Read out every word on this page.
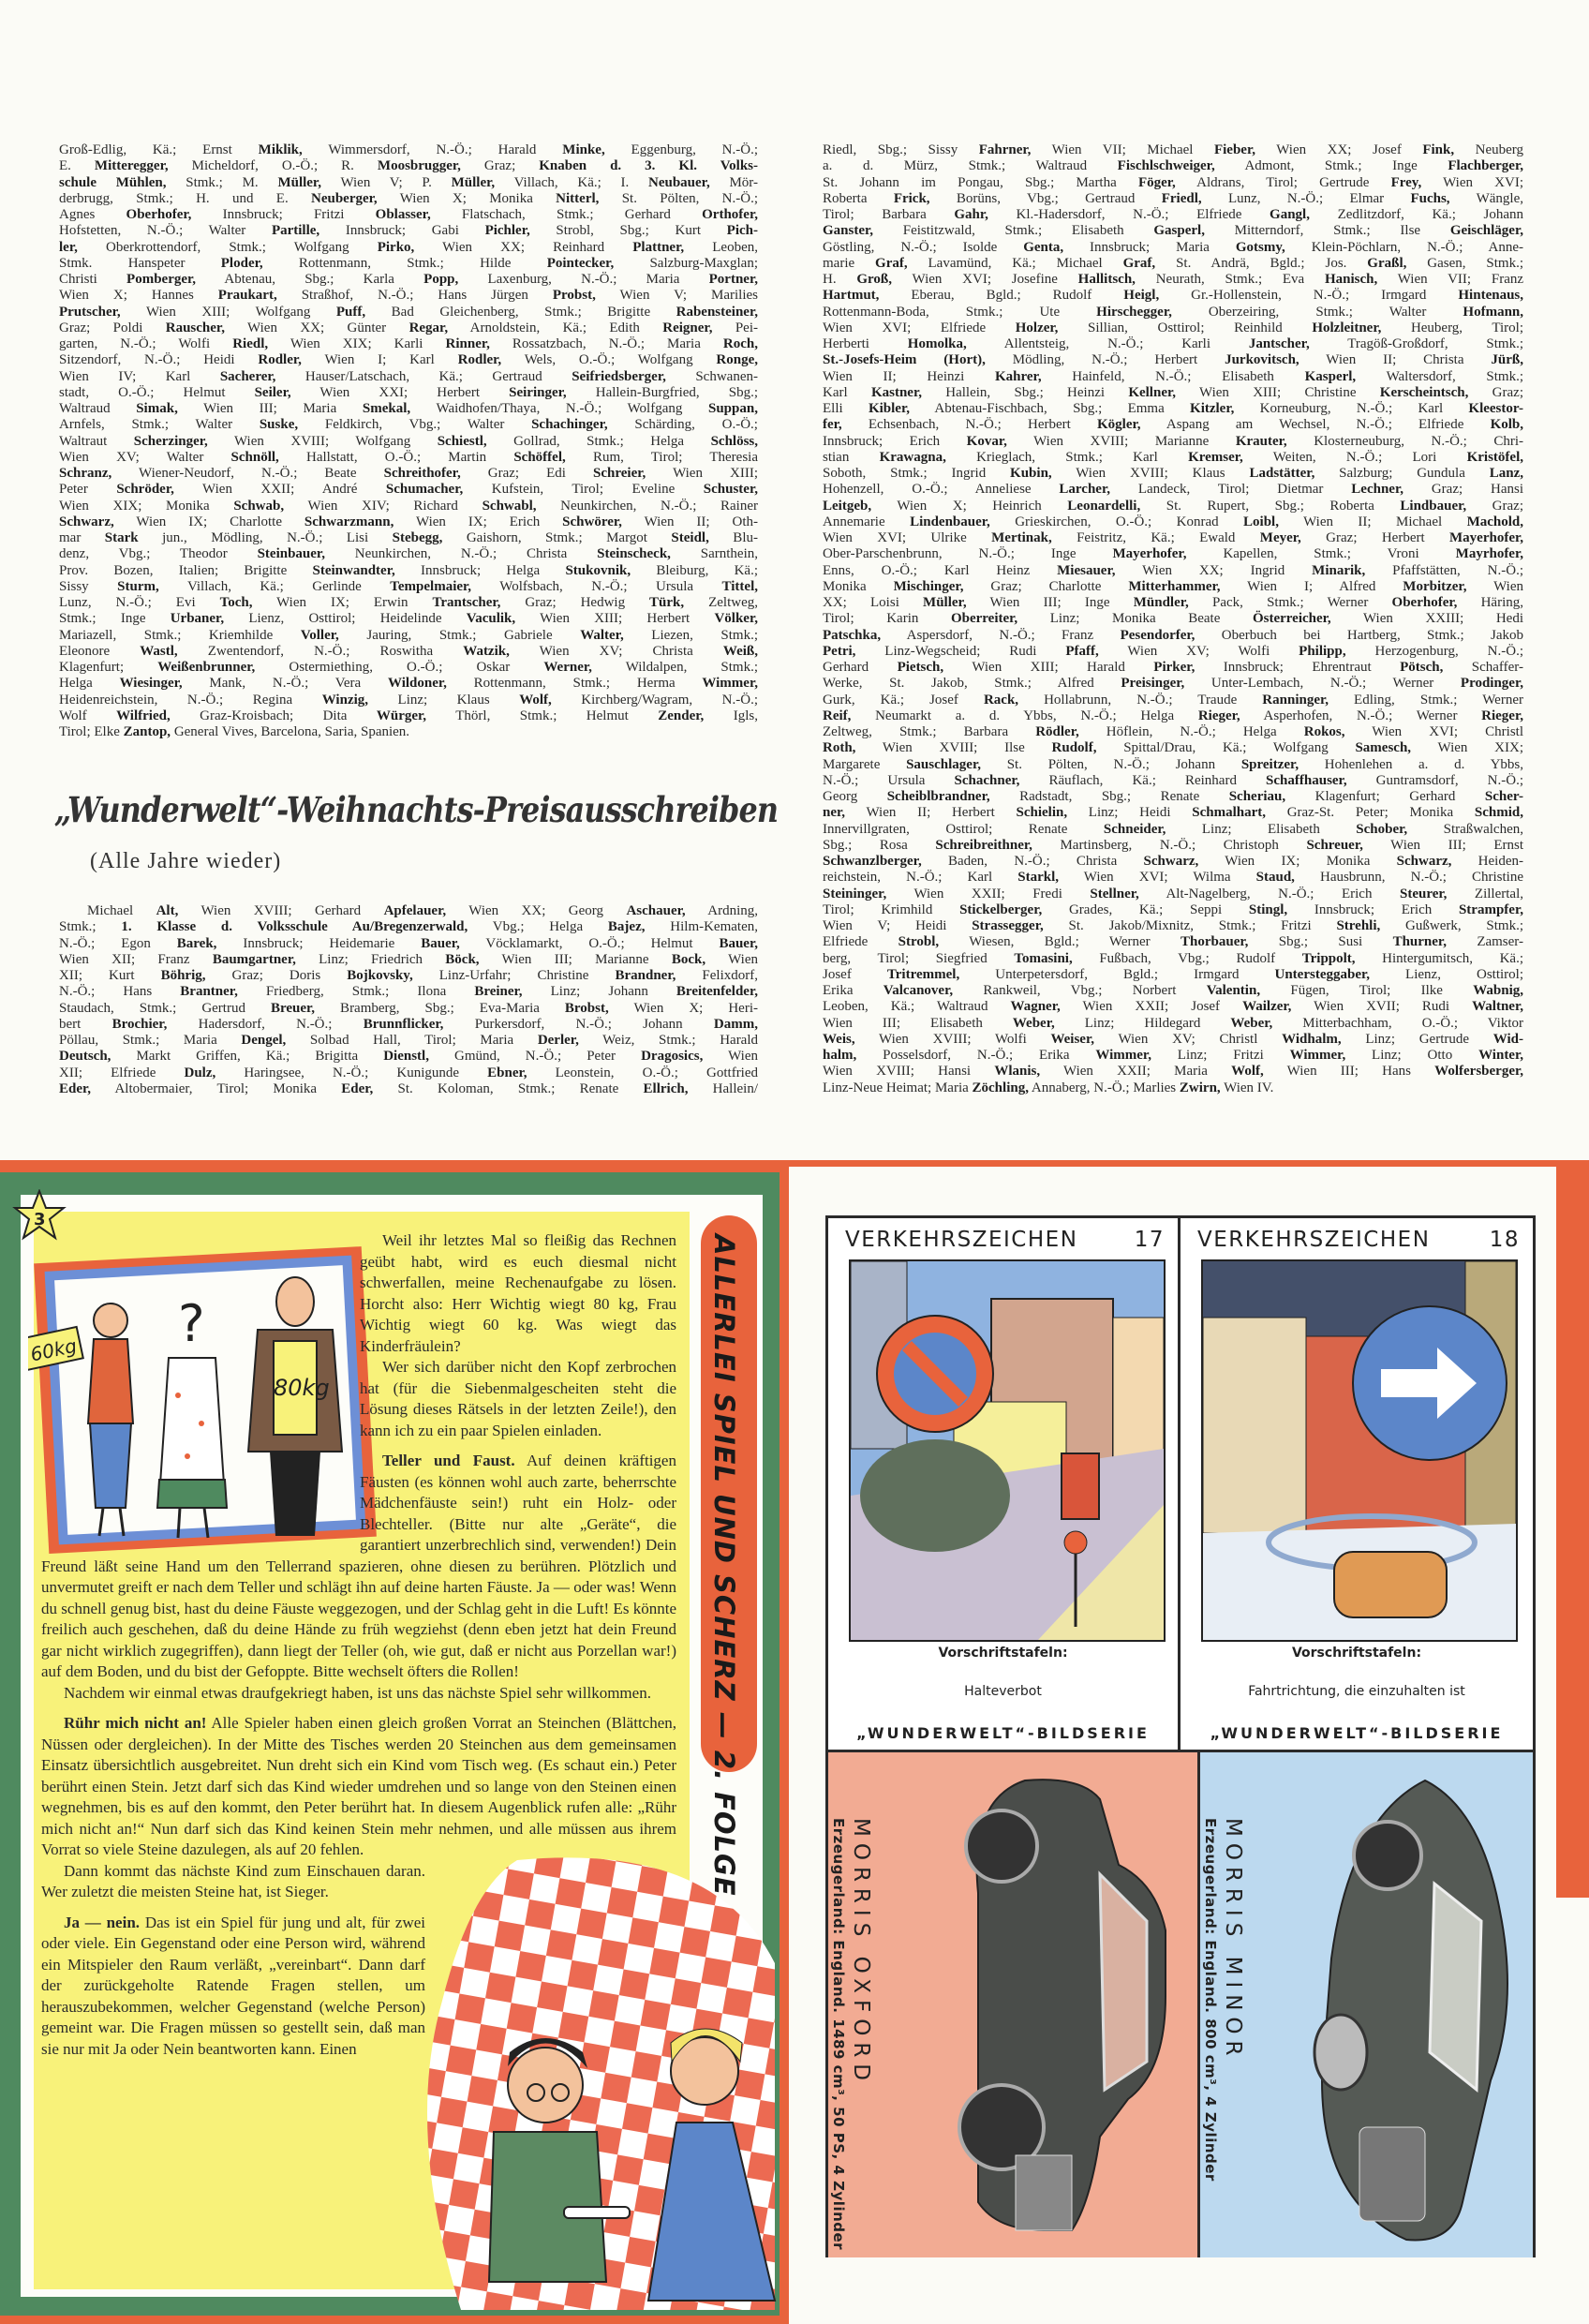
Groß-Edlig, Kä.; Ernst Miklik, Wimmersdorf, N.-Ö.; Harald Minke, Eggenburg, N.-Ö.;
E. Mitteregger, Micheldorf, O.-Ö.; R. Moosbrugger, Graz; Knaben d. 3. Kl. Volks-
schule Mühlen, Stmk.; M. Müller, Wien V; P. Müller, Villach, Kä.; I. Neubauer, Mör-
derbrugg, Stmk.; H. und E. Neuberger, Wien X; Monika Nitterl, St. Pölten, N.-Ö.;
Agnes Oberhofer, Innsbruck; Fritzi Oblasser, Flatschach, Stmk.; Gerhard Orthofer,
Hofstetten, N.-Ö.; Walter Partille, Innsbruck; Gabi Pichler, Strobl, Sbg.; Kurt Pich-
ler, Oberkrottendorf, Stmk.; Wolfgang Pirko, Wien XX; Reinhard Plattner, Leoben,
Stmk. Hanspeter Ploder, Rottenmann, Stmk.; Hilde Pointecker, Salzburg-Maxglan;
Christi Pomberger, Abtenau, Sbg.; Karla Popp, Laxenburg, N.-Ö.; Maria Portner,
Wien X; Hannes Praukart, Straßhof, N.-Ö.; Hans Jürgen Probst, Wien V; Marilies
Prutscher, Wien XIII; Wolfgang Puff, Bad Gleichenberg, Stmk.; Brigitte Rabensteiner,
Graz; Poldi Rauscher, Wien XX; Günter Regar, Arnoldstein, Kä.; Edith Reigner, Pei-
garten, N.-Ö.; Wolfi Riedl, Wien XIX; Karli Rinner, Rossatzbach, N.-Ö.; Maria Roch,
Sitzendorf, N.-Ö.; Heidi Rodler, Wien I; Karl Rodler, Wels, O.-Ö.; Wolfgang Ronge,
Wien IV; Karl Sacherer, Hauser/Latschach, Kä.; Gertraud Seifriedsberger, Schwanen-
stadt, O.-Ö.; Helmut Seiler, Wien XXI; Herbert Seiringer, Hallein-Burgfried, Sbg.;
Waltraud Simak, Wien III; Maria Smekal, Waidhofen/Thaya, N.-Ö.; Wolfgang Suppan,
Arnfels, Stmk.; Walter Suske, Feldkirch, Vbg.; Walter Schachinger, Schärding, O.-Ö.;
Waltraut Scherzinger, Wien XVIII; Wolfgang Schiestl, Gollrad, Stmk.; Helga Schlöss,
Wien XV; Walter Schnöll, Hallstatt, O.-Ö.; Martin Schöffel, Rum, Tirol; Theresia
Schranz, Wiener-Neudorf, N.-Ö.; Beate Schreithofer, Graz; Edi Schreier, Wien XIII;
Peter Schröder, Wien XXII; André Schumacher, Kufstein, Tirol; Eveline Schuster,
Wien XIX; Monika Schwab, Wien XIV; Richard Schwabl, Neunkirchen, N.-Ö.; Rainer
Schwarz, Wien IX; Charlotte Schwarzmann, Wien IX; Erich Schwörer, Wien II; Oth-
mar Stark jun., Mödling, N.-Ö.; Lisi Stebegg, Gaishorn, Stmk.; Margot Steidl, Blu-
denz, Vbg.; Theodor Steinbauer, Neunkirchen, N.-Ö.; Christa Steinscheck, Sarnthein,
Prov. Bozen, Italien; Brigitte Steinwandter, Innsbruck; Helga Stukovnik, Bleiburg, Kä.;
Sissy Sturm, Villach, Kä.; Gerlinde Tempelmaier, Wolfsbach, N.-Ö.; Ursula Tittel,
Lunz, N.-Ö.; Evi Toch, Wien IX; Erwin Trantscher, Graz; Hedwig Türk, Zeltweg,
Stmk.; Inge Urbaner, Lienz, Osttirol; Heidelinde Vaculik, Wien XIII; Herbert Völker,
Mariazell, Stmk.; Kriemhilde Voller, Jauring, Stmk.; Gabriele Walter, Liezen, Stmk.;
Eleonore Wastl, Zwentendorf, N.-Ö.; Roswitha Watzik, Wien XV; Christa Weiß,
Klagenfurt; Weißenbrunner, Ostermiething, O.-Ö.; Oskar Werner, Wildalpen, Stmk.;
Helga Wiesinger, Mank, N.-Ö.; Vera Wildoner, Rottenmann, Stmk.; Herma Wimmer,
Heidenreichstein, N.-Ö.; Regina Winzig, Linz; Klaus Wolf, Kirchberg/Wagram, N.-Ö.;
Wolf Wilfried, Graz-Kroisbach; Dita Würger, Thörl, Stmk.; Helmut Zender, Igls,
Tirol; Elke Zantop, General Vives, Barcelona, Saria, Spanien.
„Wunderwelt“-Weihnachts-Preisausschreiben
(Alle Jahre wieder)
Michael Alt, Wien XVIII; Gerhard Apfelauer, Wien XX; Georg Aschauer, Ardning,
Stmk.; 1. Klasse d. Volksschule Au/Bregenzerwald, Vbg.; Helga Bajez, Hilm-Kematen,
N.-Ö.; Egon Barek, Innsbruck; Heidemarie Bauer, Vöcklamarkt, O.-Ö.; Helmut Bauer,
Wien XII; Franz Baumgartner, Linz; Friedrich Böck, Wien III; Marianne Bock, Wien
XII; Kurt Böhrig, Graz; Doris Bojkovsky, Linz-Urfahr; Christine Brandner, Felixdorf,
N.-Ö.; Hans Brantner, Friedberg, Stmk.; Ilona Breiner, Linz; Johann Breitenfelder,
Staudach, Stmk.; Gertrud Breuer, Bramberg, Sbg.; Eva-Maria Brobst, Wien X; Heri-
bert Brochier, Hadersdorf, N.-Ö.; Brunnflicker, Purkersdorf, N.-Ö.; Johann Damm,
Pöllau, Stmk.; Maria Dengel, Solbad Hall, Tirol; Maria Derler, Weiz, Stmk.; Harald
Deutsch, Markt Griffen, Kä.; Brigitta Dienstl, Gmünd, N.-Ö.; Peter Dragosics, Wien
XII; Elfriede Dulz, Haringsee, N.-Ö.; Kunigunde Ebner, Leonstein, O.-Ö.; Gottfried
Eder, Altobermaier, Tirol; Monika Eder, St. Koloman, Stmk.; Renate Ellrich, Hallein/
Riedl, Sbg.; Sissy Fahrner, Wien VII; Michael Fieber, Wien XX; Josef Fink, Neuberg
a. d. Mürz, Stmk.; Waltraud Fischlschweiger, Admont, Stmk.; Inge Flachberger,
St. Johann im Pongau, Sbg.; Martha Föger, Aldrans, Tirol; Gertrude Frey, Wien XVI;
Roberta Frick, Borüns, Vbg.; Gertraud Friedl, Lunz, N.-Ö.; Elmar Fuchs, Wängle,
Tirol; Barbara Gahr, Kl.-Hadersdorf, N.-Ö.; Elfriede Gangl, Zedlitzdorf, Kä.; Johann
Ganster, Feistitzwald, Stmk.; Elisabeth Gasperl, Mitterndorf, Stmk.; Ilse Geischläger,
Göstling, N.-Ö.; Isolde Genta, Innsbruck; Maria Gotsmy, Klein-Pöchlarn, N.-Ö.; Anne-
marie Graf, Lavamünd, Kä.; Michael Graf, St. Andrä, Bgld.; Jos. Graßl, Gasen, Stmk.;
H. Groß, Wien XVI; Josefine Hallitsch, Neurath, Stmk.; Eva Hanisch, Wien VII; Franz
Hartmut, Eberau, Bgld.; Rudolf Heigl, Gr.-Hollenstein, N.-Ö.; Irmgard Hintenaus,
Rottenmann-Boda, Stmk.; Ute Hirschegger, Oberzeiring, Stmk.; Walter Hofmann,
Wien XVI; Elfriede Holzer, Sillian, Osttirol; Reinhild Holzleitner, Heuberg, Tirol;
Herberti Homolka, Allentsteig, N.-Ö.; Karli Jantscher, Tragöß-Großdorf, Stmk.;
St.-Josefs-Heim (Hort), Mödling, N.-Ö.; Herbert Jurkovitsch, Wien II; Christa Jürß,
Wien II; Heinzi Kahrer, Hainfeld, N.-Ö.; Elisabeth Kasperl, Waltersdorf, Stmk.;
Karl Kastner, Hallein, Sbg.; Heinzi Kellner, Wien XIII; Christine Kerscheintsch, Graz;
Elli Kibler, Abtenau-Fischbach, Sbg.; Emma Kitzler, Korneuburg, N.-Ö.; Karl Kleestor-
fer, Echsenbach, N.-Ö.; Herbert Kögler, Aspang am Wechsel, N.-Ö.; Elfriede Kolb,
Innsbruck; Erich Kovar, Wien XVIII; Marianne Krauter, Klosterneuburg, N.-Ö.; Chri-
stian Krawagna, Krieglach, Stmk.; Karl Kremser, Weiten, N.-Ö.; Lori Kristöfel,
Soboth, Stmk.; Ingrid Kubin, Wien XVIII; Klaus Ladstätter, Salzburg; Gundula Lanz,
Hohenzell, O.-Ö.; Anneliese Larcher, Landeck, Tirol; Dietmar Lechner, Graz; Hansi
Leitgeb, Wien X; Heinrich Leonardelli, St. Rupert, Sbg.; Roberta Lindbauer, Graz;
Annemarie Lindenbauer, Grieskirchen, O.-Ö.; Konrad Loibl, Wien II; Michael Machold,
Wien XVI; Ulrike Mertinak, Feistritz, Kä.; Ewald Meyer, Graz; Herbert Mayerhofer,
Ober-Parschenbrunn, N.-Ö.; Inge Mayerhofer, Kapellen, Stmk.; Vroni Mayrhofer,
Enns, O.-Ö.; Karl Heinz Miesauer, Wien XX; Ingrid Minarik, Pfaffstätten, N.-Ö.;
Monika Mischinger, Graz; Charlotte Mitterhammer, Wien I; Alfred Morbitzer, Wien
XX; Loisi Müller, Wien III; Inge Mündler, Pack, Stmk.; Werner Oberhofer, Häring,
Tirol; Karin Oberreiter, Linz; Monika Beate Österreicher, Wien XXIII; Hedi
Patschka, Aspersdorf, N.-Ö.; Franz Pesendorfer, Oberbuch bei Hartberg, Stmk.; Jakob
Petri, Linz-Wegscheid; Rudi Pfaff, Wien XV; Wolfi Philipp, Herzogenburg, N.-Ö.;
Gerhard Pietsch, Wien XIII; Harald Pirker, Innsbruck; Ehrentraut Pötsch, Schaffer-
Werke, St. Jakob, Stmk.; Alfred Preisinger, Unter-Lembach, N.-Ö.; Werner Prodinger,
Gurk, Kä.; Josef Rack, Hollabrunn, N.-Ö.; Traude Ranninger, Edling, Stmk.; Werner
Reif, Neumarkt a. d. Ybbs, N.-Ö.; Helga Rieger, Asperhofen, N.-Ö.; Werner Rieger,
Zeltweg, Stmk.; Barbara Rödler, Höflein, N.-Ö.; Helga Rokos, Wien XVI; Christl
Roth, Wien XVIII; Ilse Rudolf, Spittal/Drau, Kä.; Wolfgang Samesch, Wien XIX;
Margarete Sauschlager, St. Pölten, N.-Ö.; Johann Spreitzer, Hohenlehen a. d. Ybbs,
N.-Ö.; Ursula Schachner, Räuflach, Kä.; Reinhard Schaffhauser, Guntramsdorf, N.-Ö.;
Georg Scheiblbrandner, Radstadt, Sbg.; Renate Scheriau, Klagenfurt; Gerhard Scher-
ner, Wien II; Herbert Schielin, Linz; Heidi Schmalhart, Graz-St. Peter; Monika Schmid,
Innervillgraten, Osttirol; Renate Schneider, Linz; Elisabeth Schober, Straßwalchen,
Sbg.; Rosa Schreibreithner, Martinsberg, N.-Ö.; Christoph Schreuer, Wien III; Ernst
Schwanzlberger, Baden, N.-Ö.; Christa Schwarz, Wien IX; Monika Schwarz, Heiden-
reichstein, N.-Ö.; Karl Starkl, Wien XVI; Wilma Staud, Hausbrunn, N.-Ö.; Christine
Steininger, Wien XXII; Fredi Stellner, Alt-Nagelberg, N.-Ö.; Erich Steurer, Zillertal,
Tirol; Krimhild Stickelberger, Grades, Kä.; Seppi Stingl, Innsbruck; Erich Strampfer,
Wien V; Heidi Strassegger, St. Jakob/Mixnitz, Stmk.; Fritzi Strehli, Gußwerk, Stmk.;
Elfriede Strobl, Wiesen, Bgld.; Werner Thorbauer, Sbg.; Susi Thurner, Zamser-
berg, Tirol; Siegfried Tomasini, Fußbach, Vbg.; Rudolf Trippolt, Hintergumitsch, Kä.;
Josef Tritremmel, Unterpetersdorf, Bgld.; Irmgard Untersteggaber, Lienz, Osttirol;
Erika Valcanover, Rankweil, Vbg.; Norbert Valentin, Fügen, Tirol; Ilke Wabnig,
Leoben, Kä.; Waltraud Wagner, Wien XXII; Josef Wailzer, Wien XVII; Rudi Waltner,
Wien III; Elisabeth Weber, Linz; Hildegard Weber, Mitterbachham, O.-Ö.; Viktor
Weis, Wien XVIII; Wolfi Weiser, Wien XV; Christl Widhalm, Linz; Gertrude Wid-
halm, Posselsdorf, N.-Ö.; Erika Wimmer, Linz; Fritzi Wimmer, Linz; Otto Winter,
Wien XVIII; Hansi Wlanis, Wien XXII; Maria Wolf, Wien III; Hans Wolfersberger,
Linz-Neue Heimat; Maria Zöchling, Annaberg, N.-Ö.; Marlies Zwirn, Wien IV.
ALLERLEI SPIEL UND SCHERZ — 2. FOLGE
60kg ?
80kg
3

Weil ihr letztes Mal so fleißig das Rechnen geübt habt, wird es euch diesmal nicht schwerfallen, meine Rechenaufgabe zu lösen. Horcht also: Herr Wichtig wiegt 80 kg, Frau Wichtig wiegt 60 kg. Was wiegt das Kinderfräulein?

Wer sich darüber nicht den Kopf zerbrochen hat (für die Siebenmalgescheiten steht die Lösung dieses Rätsels in der letzten Zeile!), den kann ich zu ein paar Spielen einladen.

Teller und Faust. Auf deinen kräftigen Fäusten (es können wohl auch zarte, beherrschte Mädchenfäuste sein!) ruht ein Holz- oder Blechteller. (Bitte nur alte „Geräte“, die garantiert unzerbrechlich sind, verwenden!) Dein Freund läßt seine Hand um den Tellerrand spazieren, ohne diesen zu berühren. Plötzlich und unvermutet greift er nach dem Teller und schlägt ihn auf deine harten Fäuste. Ja — oder was! Wenn du schnell genug bist, hast du deine Fäuste weggezogen, und der Schlag geht in die Luft! Es könnte freilich auch geschehen, daß du deine Hände zu früh wegziehst (denn eben jetzt hat dein Freund gar nicht wirklich zugegriffen), dann liegt der Teller (oh, wie gut, daß er nicht aus Porzellan war!) auf dem Boden, und du bist der Gefoppte. Bitte wechselt öfters die Rollen!

Nachdem wir einmal etwas draufgekriegt haben, ist uns das nächste Spiel sehr willkommen.

Rühr mich nicht an! Alle Spieler haben einen gleich großen Vorrat an Steinchen (Blättchen, Nüssen oder dergleichen). In der Mitte des Tisches werden 20 Steinchen aus dem gemeinsamen Einsatz übersichtlich ausgebreitet. Nun dreht sich ein Kind vom Tisch weg. (Es schaut ein.) Peter berührt einen Stein. Jetzt darf sich das Kind wieder umdrehen und so lange von den Steinen einen wegnehmen, bis es auf den kommt, den Peter berührt hat. In diesem Augenblick rufen alle: „Rühr mich nicht an!“ Nun darf sich das Kind keinen Stein mehr nehmen, und alle müssen aus ihrem Vorrat so viele Steine dazulegen, als auf 20 fehlen.

Dann kommt das nächste Kind zum Einschauen daran. Wer zuletzt die meisten Steine hat, ist Sieger.

Ja — nein. Das ist ein Spiel für jung und alt, für zwei oder viele. Ein Gegenstand oder eine Person wird, während ein Mitspieler den Raum verläßt, „vereinbart“. Dann darf der zurückgeholte Ratende Fragen stellen, um herauszubekommen, welcher Gegenstand (welche Person) gemeint war. Die Fragen müssen so gestellt sein, daß man sie nur mit Ja oder Nein beantworten kann. Einen

VERKEHRSZEICHEN	17
Vorschriftstafeln:
Halteverbot
„WUNDERWELT“-BILDSERIE
VERKEHRSZEICHEN	18
Vorschriftstafeln:
Fahrtrichtung, die einzuhalten ist
„WUNDERWELT“-BILDSERIE
MORRIS OXFORD
Erzeugerland: England. 1489 cm³, 50 PS, 4 Zylinder	MORRIS MINOR
Erzeugerland: England. 800 cm³, 4 Zylinder
